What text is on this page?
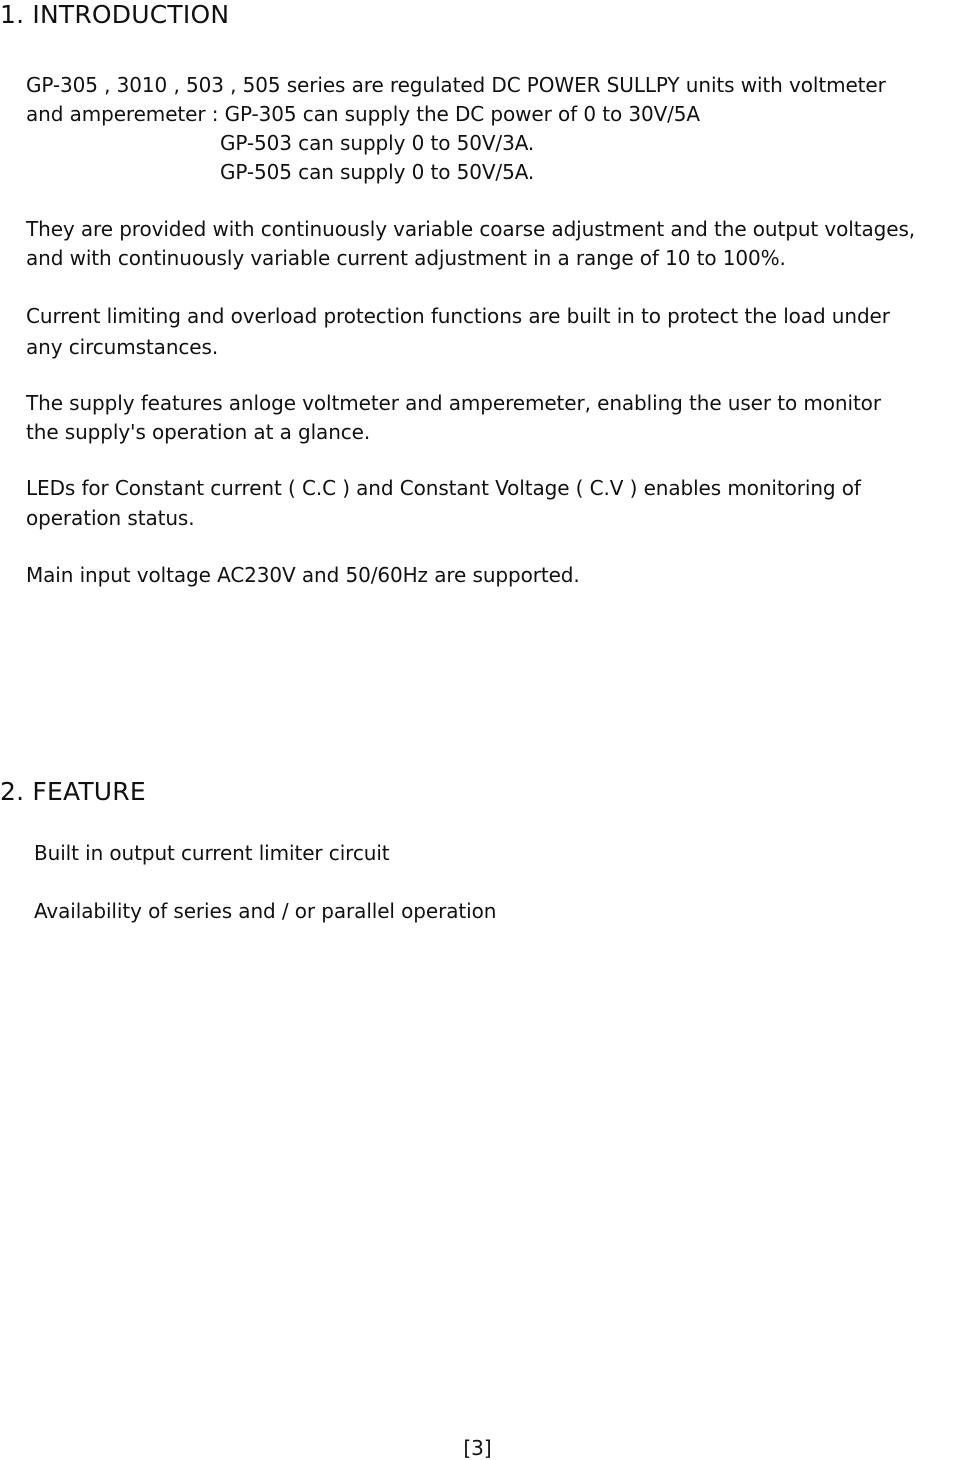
1. INTRODUCTION
GP-305 , 3010 , 503 , 505 series are regulated DC POWER SULLPY units with voltmeter
and amperemeter : GP-305 can supply the DC power of 0 to 30V/5A
GP-503 can supply 0 to 50V/3A.
GP-505 can supply 0 to 50V/5A.
They are provided with continuously variable coarse adjustment and the output voltages,
and with continuously variable current adjustment in a range of 10 to 100%.
Current limiting and overload protection functions are built in to protect the load under
any circumstances.
The supply features anloge voltmeter and amperemeter, enabling the user to monitor
the supply's operation at a glance.
LEDs for Constant current ( C.C ) and Constant Voltage ( C.V ) enables monitoring of
operation status.
Main input voltage AC230V and 50/60Hz are supported.
2. FEATURE
Built in output current limiter circuit
Availability of series and / or parallel operation
[3]
